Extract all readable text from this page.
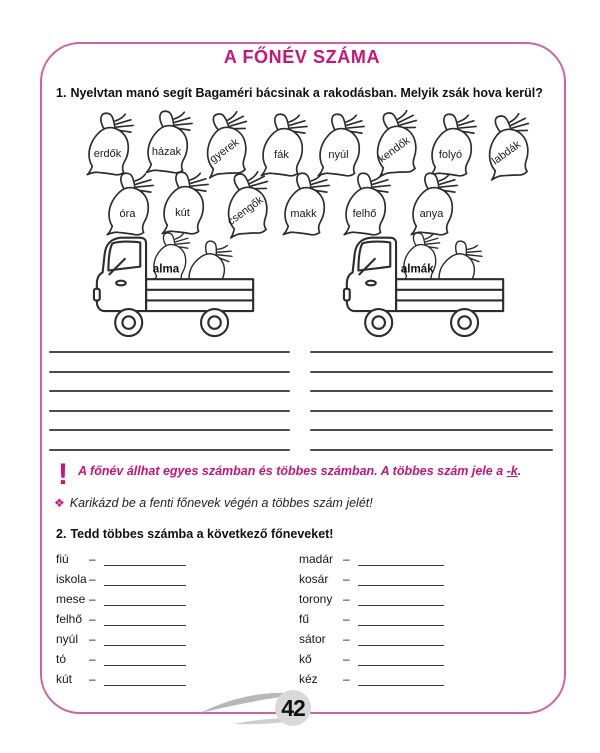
A FŐNÉV SZÁMA
1. Nyelvtan manó segít Bagaméri bácsinak a rakodásban. Melyik zsák hova kerül?
erdők	házak	gyerek	fák	nyúl	kendők	folyó	labdák
óra	kút	csengők	makk	felhő	anya
alma	almák
! A főnév állhat egyes számban és többes számban. A többes szám jele a -k.
❖ Karikázd be a fenti főnevek végén a többes szám jelét!
2. Tedd többes számba a következő főneveket!
fiú	–
iskola –
mese –
felhő –
nyúl –
tó	–
kút	–
madár –
kosár	–
torony –
fű	–
sátor	–
kő	–
kéz	–
42
